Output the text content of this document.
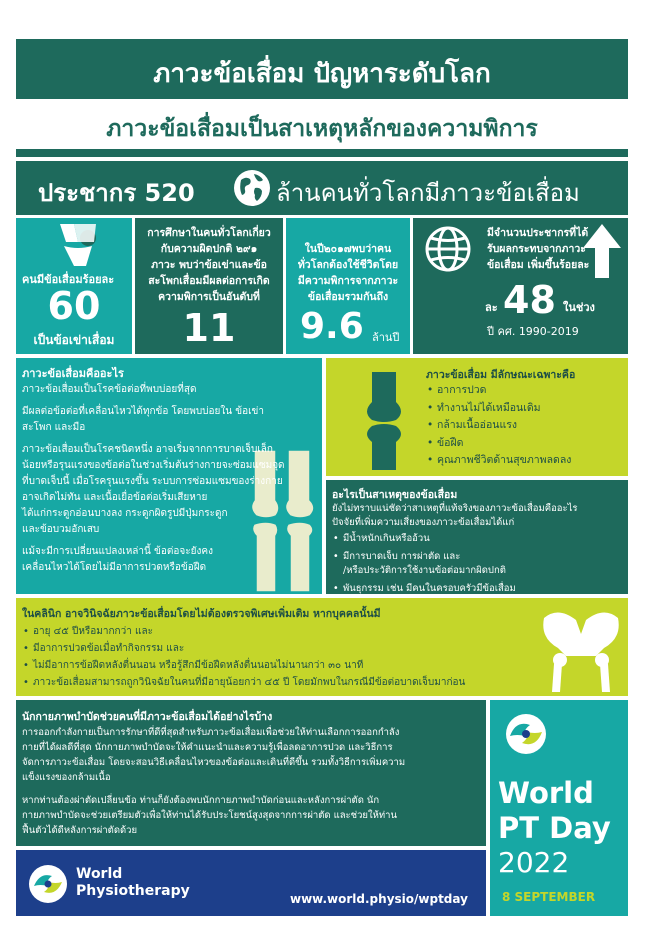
ภาวะข้อเสื่อม ปัญหาระดับโลก
ภาวะข้อเสื่อมเป็นสาเหตุหลักของความพิการ
ประชากร 520	ล้านคนทั่วโลกมีภาวะข้อเสื่อม
คนมีข้อเสื่อมร้อยละ
60
เป็นข้อเข่าเสื่อม
การศึกษาในคนทั่วโลกเกี่ยว
กับความผิดปกติ ๒๙๑
ภาวะ พบว่าข้อเข่าและข้อ
สะโพกเสื่อมมีผลต่อการเกิด
ความพิการเป็นอันดับที่
11
ในปี๒๐๑๗พบว่าคน
ทั่วโลกต้องใช้ชีวิตโดย
มีความพิการจากภาวะ
ข้อเสื่อมรวมกันถึง
9.6 ล้านปี
มีจำนวนประชากรที่ได้
รับผลกระทบจากภาวะ
ข้อเสื่อม เพิ่มขึ้นร้อยละ
ละ 48 ในช่วง
ปี คศ. 1990-2019
ภาวะข้อเสื่อมคืออะไร
ภาวะข้อเสื่อมเป็นโรคข้อต่อที่พบบ่อยที่สุด
มีผลต่อข้อต่อที่เคลื่อนไหวได้ทุกข้อ โดยพบบ่อยใน ข้อเข่า
สะโพก และมือ
ภาวะข้อเสื่อมเป็นโรคชนิดหนึ่ง อาจเริ่มจากการบาดเจ็บเล็ก
น้อยหรือรุนแรงของข้อต่อในช่วงเริ่มต้นร่างกายจะซ่อมแซมจุด
ที่บาดเจ็บนี้ เมื่อโรครุนแรงขึ้น ระบบการซ่อมแซมของร่างกาย
อาจเกิดไม่ทัน และเนื้อเยื่อข้อต่อเริ่มเสียหาย
ได้แก่กระดูกอ่อนบางลง กระดูกผิดรูปมีปุ่มกระดูก
และข้อบวมอักเสบ
แม้จะมีการเปลี่ยนแปลงเหล่านี้ ข้อต่อจะยังคง
เคลื่อนไหวได้โดยไม่มีอาการปวดหรือข้อฝืด
ภาวะข้อเสื่อม มีลักษณะเฉพาะคือ
• อาการปวด
• ทำงานไม่ได้เหมือนเดิม
• กล้ามเนื้ออ่อนแรง
• ข้อฝืด
• คุณภาพชีวิตด้านสุขภาพลดลง
อะไรเป็นสาเหตุของข้อเสื่อม
ยังไม่ทราบแน่ชัดว่าสาเหตุที่แท้จริงของภาวะข้อเสื่อมคืออะไร
ปัจจัยที่เพิ่มความเสี่ยงของภาวะข้อเสื่อมได้แก่
• มีน้ำหนักเกินหรืออ้วน
• มีการบาดเจ็บ การผ่าตัด และ
/หรือประวัติการใช้งานข้อต่อมากผิดปกติ
• พันธุกรรม เช่น มีคนในครอบครัวมีข้อเสื่อม
ในคลินิก อาจวินิจฉัยภาวะข้อเสื่อมโดยไม่ต้องตรวจพิเศษเพิ่มเติม หากบุคคลนั้นมี
• อายุ ๔๕ ปีหรือมากกว่า และ
• มีอาการปวดข้อเมื่อทำกิจกรรม และ
• ไม่มีอาการข้อฝืดหลังตื่นนอน หรือรู้สึกมีข้อฝืดหลังตื่นนอนไม่นานกว่า ๓๐ นาที
• ภาวะข้อเสื่อมสามารถถูกวินิจฉัยในคนที่มีอายุน้อยกว่า ๔๕ ปี โดยมักพบในกรณีมีข้อต่อบาดเจ็บมาก่อน
นักกายภาพบำบัดช่วยคนที่มีภาวะข้อเสื่อมได้อย่างไรบ้าง
การออกกำลังกายเป็นการรักษาที่ดีที่สุดสำหรับภาวะข้อเสื่อมเพื่อช่วยให้ท่านเลือกการออกกำลัง
กายที่ได้ผลดีที่สุด นักกายภาพบำบัดจะให้คำแนะนำและความรู้เพื่อลดอาการปวด และวิธีการ
จัดการภาวะข้อเสื่อม โดยจะสอนวิธีเคลื่อนไหวของข้อต่อและเดินที่ดีขึ้น รวมทั้งวิธีการเพิ่มความ
แข็งแรงของกล้ามเนื้อ
หากท่านต้องผ่าตัดเปลี่ยนข้อ ท่านก็ยังต้องพบนักกายภาพบำบัดก่อนและหลังการผ่าตัด นัก
กายภาพบำบัดจะช่วยเตรียมตัวเพื่อให้ท่านได้รับประโยชน์สูงสุดจากการผ่าตัด และช่วยให้ท่าน
ฟื้นตัวได้ดีหลังการผ่าตัดด้วย
World
Physiotherapy	www.world.physio/wptday
World
PT Day
2022
8 SEPTEMBER
